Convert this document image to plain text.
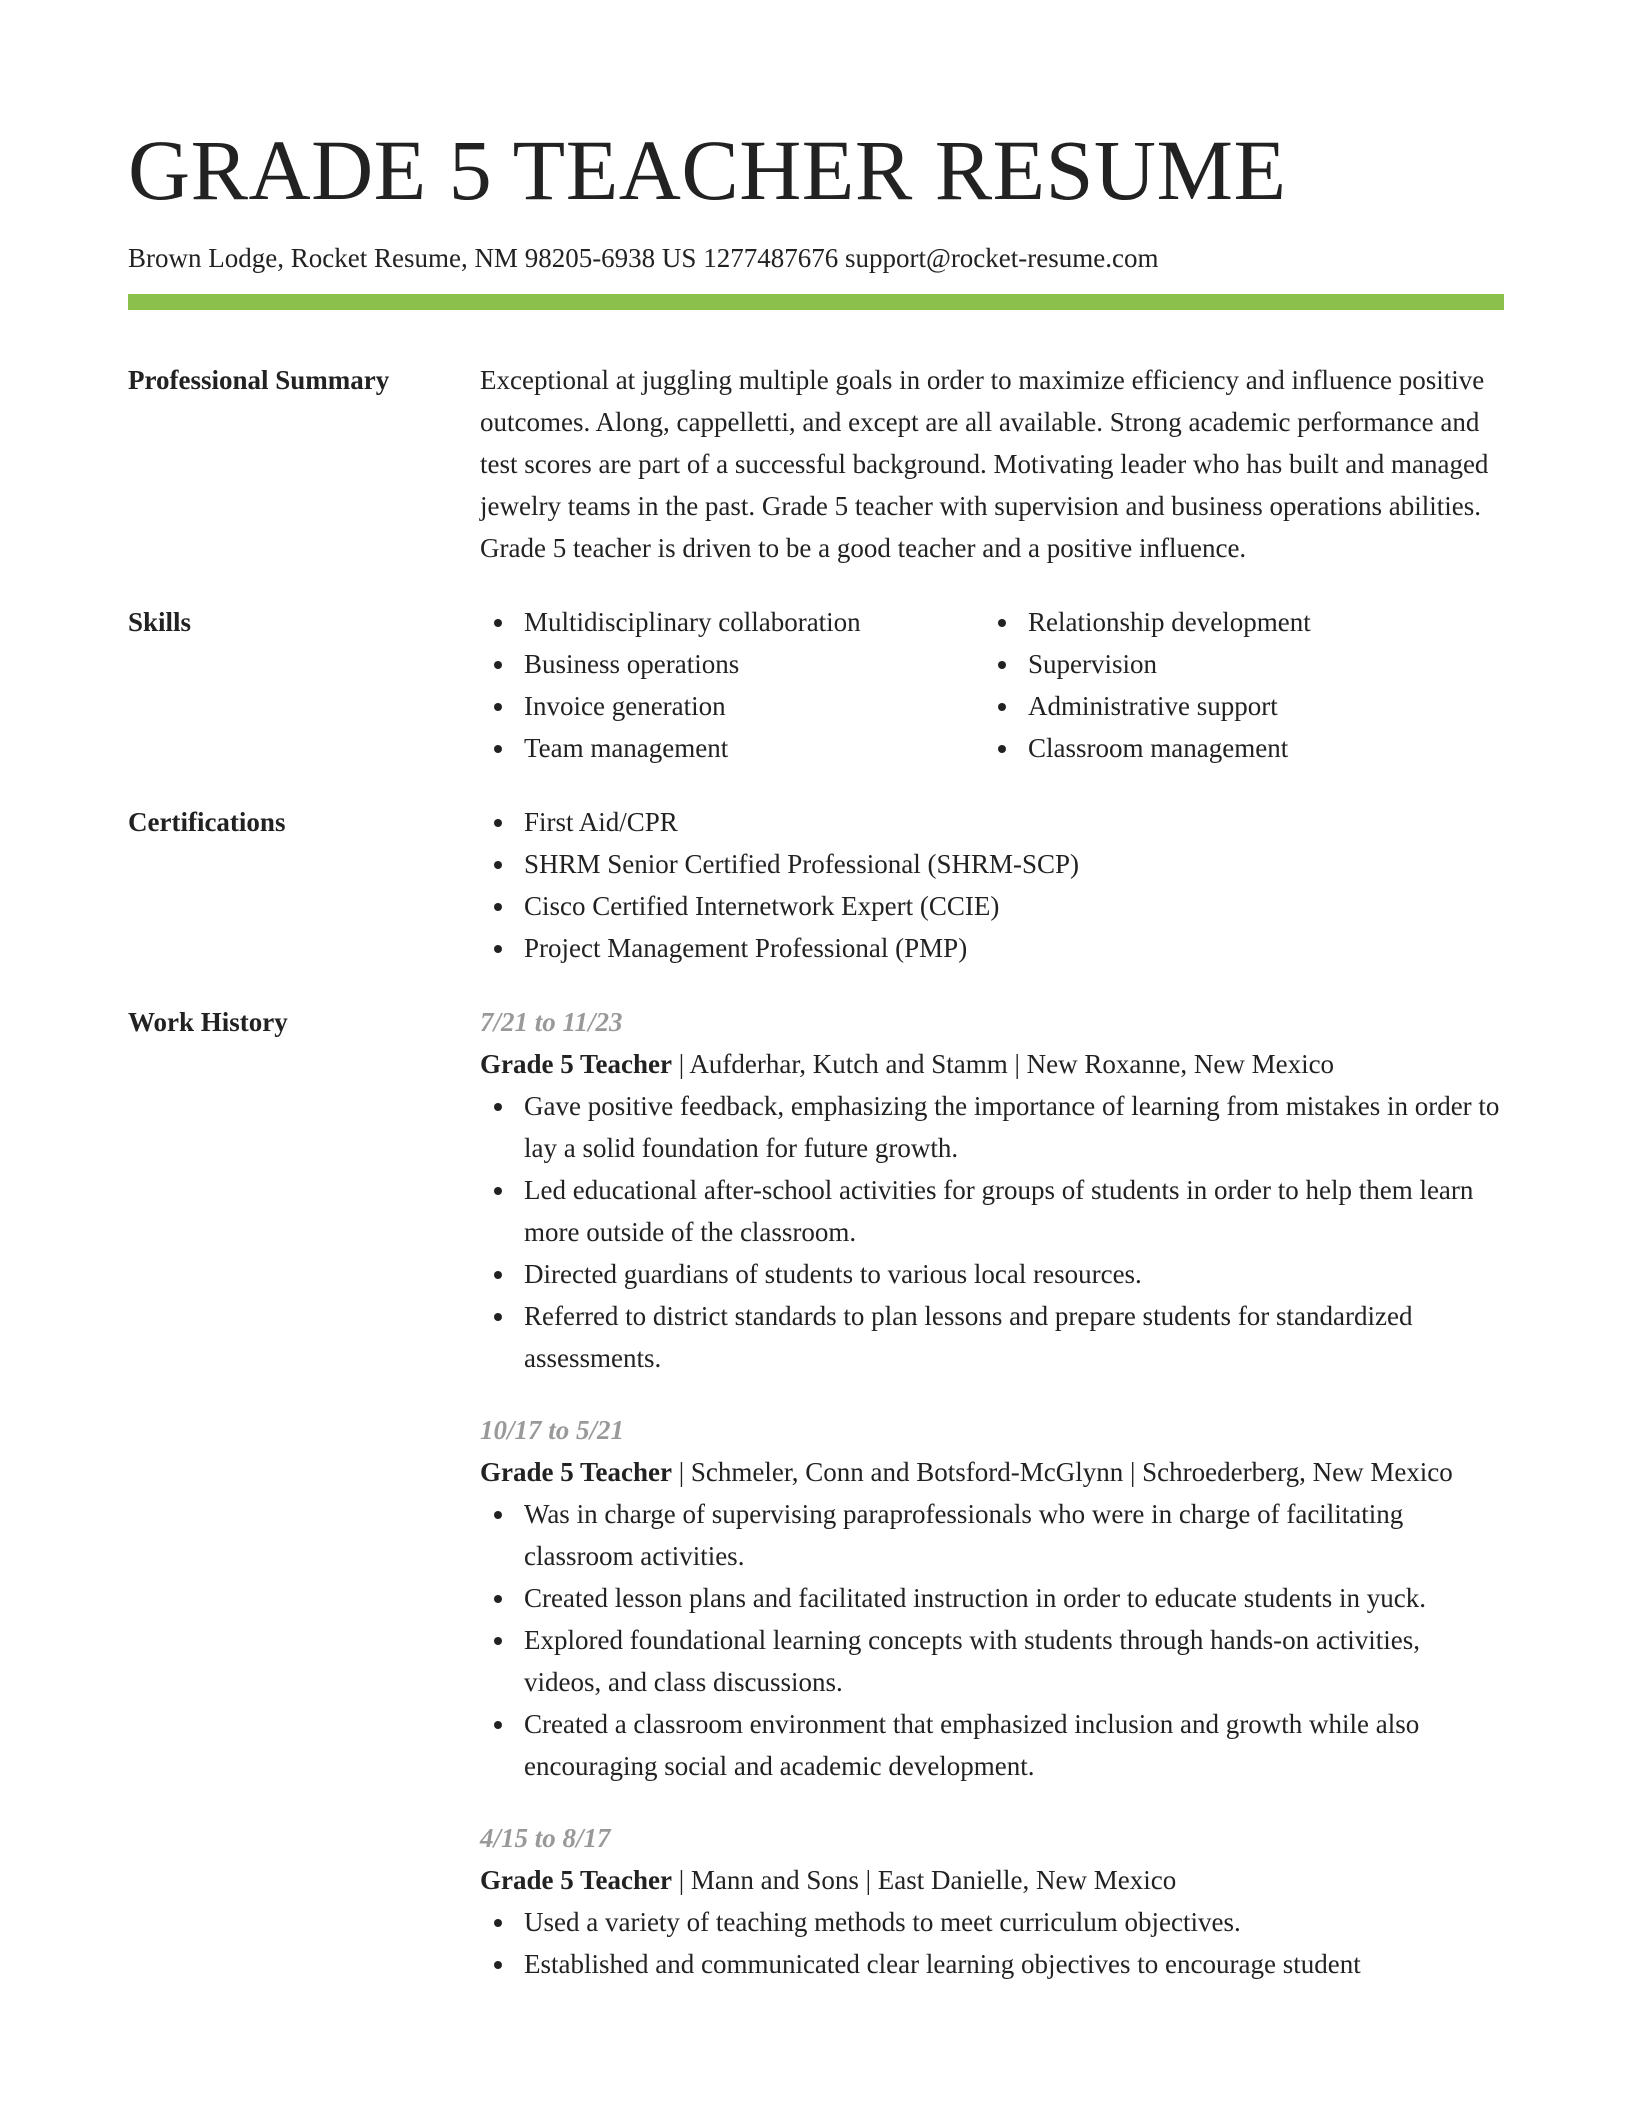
GRADE 5 TEACHER RESUME
Brown Lodge, Rocket Resume, NM 98205-6938 US 1277487676 support@rocket-resume.com
Professional Summary	Exceptional at juggling multiple goals in order to maximize efficiency and influence positive outcomes. Along, cappelletti, and except are all available. Strong academic performance and test scores are part of a successful background. Motivating leader who has built and managed jewelry teams in the past. Grade 5 teacher with supervision and business operations abilities. Grade 5 teacher is driven to be a good teacher and a positive influence.
Skills	Multidisciplinary collaboration
Business operations
Invoice generation
Team management
Relationship development
Supervision
Administrative support
Classroom management
Certifications	First Aid/CPR
SHRM Senior Certified Professional (SHRM-SCP)
Cisco Certified Internetwork Expert (CCIE)
Project Management Professional (PMP)
Work History	7/21 to 11/23
Grade 5 Teacher | Aufderhar, Kutch and Stamm | New Roxanne, New Mexico
Gave positive feedback, emphasizing the importance of learning from mistakes in order to lay a solid foundation for future growth.
Led educational after-school activities for groups of students in order to help them learn more outside of the classroom.
Directed guardians of students to various local resources.
Referred to district standards to plan lessons and prepare students for standardized assessments.
10/17 to 5/21
Grade 5 Teacher | Schmeler, Conn and Botsford-McGlynn | Schroederberg, New Mexico
Was in charge of supervising paraprofessionals who were in charge of facilitating classroom activities.
Created lesson plans and facilitated instruction in order to educate students in yuck.
Explored foundational learning concepts with students through hands-on activities, videos, and class discussions.
Created a classroom environment that emphasized inclusion and growth while also encouraging social and academic development.
4/15 to 8/17
Grade 5 Teacher | Mann and Sons | East Danielle, New Mexico
Used a variety of teaching methods to meet curriculum objectives.
Established and communicated clear learning objectives to encourage student
